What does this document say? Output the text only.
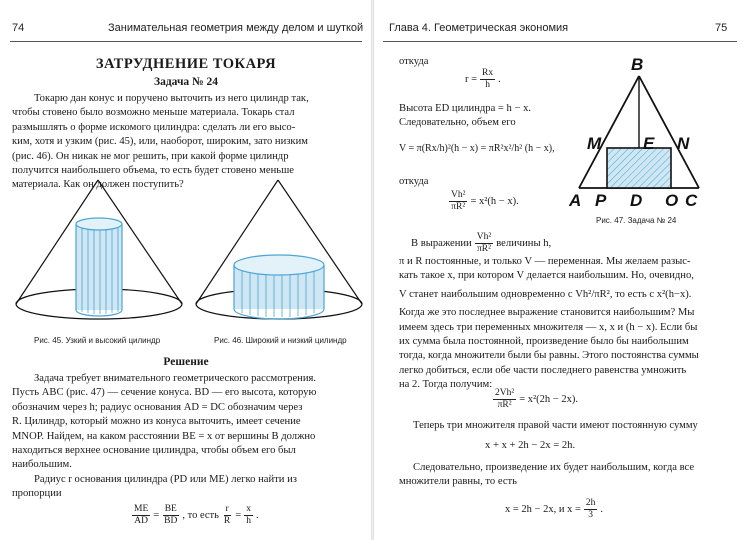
74	Занимательная геометрия между делом и шуткой
ЗАТРУДНЕНИЕ ТОКАРЯ
Задача № 24
Токарю дан конус и поручено выточить из него цилиндр так,
чтобы стовено было возможно меньше материала. Токарь стал
размышлять о форме искомого цилиндра: сделать ли его высо-
ким, хотя и узким (рис. 45), или, наоборот, широким, зато низким
(рис. 46). Он никак не мог решить, при какой форме цилиндр
получится наибольшего объема, то есть будет стовено меньше
материала. Как он должен поступить?
Рис. 45. Узкий и высокий цилиндр	Рис. 46. Широкий и низкий цилиндр
Решение
Задача требует внимательного геометрического рассмотрения.
Пусть ABC (рис. 47) — сечение конуса. BD — его высота, которую
обозначим через h; радиус основания AD = DC обозначим через
R. Цилиндр, который можно из конуса выточить, имеет сечение
MNOP. Найдем, на каком расстоянии BE = x от вершины B должно
находиться верхнее основание цилиндра, чтобы объем его был
наибольшим.
Радиус r основания цилиндра (PD или ME) легко найти из
пропорции
$\frac{ME}{AD} = \frac{BE}{BD}$ , то есть $\frac{r}{R} = \frac{x}{h}$ .
Глава 4. Геометрическая экономия	75
откуда
$r = \frac{Rx}{h}$ .
Высота ED цилиндра = h − x.
Следовательно, объем его
V = π(Rx/h)²(h − x) = πR²x²/h² (h − x),
откуда
$\frac{\text{Vh²}}{\text{πR²}} = x^2(h - x)$.
B
M E N
A P D O C
Рис. 47. Задача № 24
В выражении $\frac{\text{Vh²}}{\text{πR²}}$ величины h,
π и R постоянные, и только V — переменная. Мы желаем разыс-
кать такое x, при котором V делается наибольшим. Но, очевидно,
V станет наибольшим одновременно с Vh²/πR², то есть с x²(h−x).
Когда же это последнее выражение становится наибольшим? Мы
имеем здесь три переменных множителя — x, x и (h − x). Если бы
их сумма была постоянной, произведение было бы наибольшим
тогда, когда множители были бы равны. Этого постоянства суммы
легко добиться, если обе части последнего равенства умножить
на 2. Тогда получим:
$\frac{\text{2Vh²}}{\text{πR²}} = x^2(2h - 2x)$.
Теперь три множителя правой части имеют постоянную сумму
x + x + 2h − 2x = 2h.
Следовательно, произведение их будет наибольшим, когда все
множители равны, то есть
x = 2h − 2x, и $x = \frac{2h}{3}$ .
